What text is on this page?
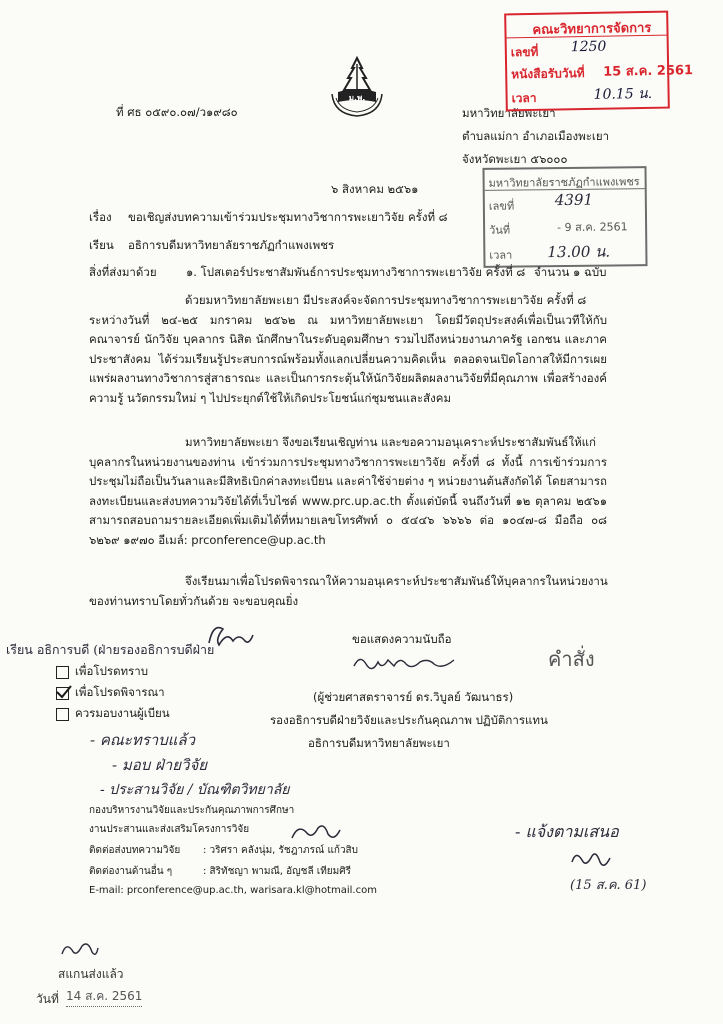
ม.พ.
ที่ ศธ ๐๕๙๐.๐๗/ว๑๙๘๐	มหาวิทยาลัยพะเยา
ตำบลแม่กา อำเภอเมืองพะเยา
จังหวัดพะเยา ๕๖๐๐๐
คณะวิทยาการจัดการ
เลขที่ 1250
หนังสือรับวันที่ 15 ส.ค. 2561
เวลา	10.15 น.
มหาวิทยาลัยราชภัฏกำแพงเพชร
เลขที่	4391
วันที่	- 9 ส.ค. 2561
เวลา 13.00 น.
๖ สิงหาคม ๒๕๖๑
เรื่อง ขอเชิญส่งบทความเข้าร่วมประชุมทางวิชาการพะเยาวิจัย ครั้งที่ ๘
เรียน อธิการบดีมหาวิทยาลัยราชภัฏกำแพงเพชร
สิ่งที่ส่งมาด้วย	๑. โปสเตอร์ประชาสัมพันธ์การประชุมทางวิชาการพะเยาวิจัย ครั้งที่ ๘ จำนวน ๑ ฉบับ

ด้วยมหาวิทยาลัยพะเยา มีประสงค์จะจัดการประชุมทางวิชาการพะเยาวิจัย ครั้งที่ ๘

ระหว่างวันที่ ๒๔-๒๕ มกราคม ๒๕๖๒ ณ มหาวิทยาลัยพะเยา โดยมีวัตถุประสงค์เพื่อเป็นเวทีให้กับคณาจารย์ นักวิจัย บุคลากร นิสิต นักศึกษาในระดับอุดมศึกษา รวมไปถึงหน่วยงานภาครัฐ เอกชน และภาคประชาสังคม ได้ร่วมเรียนรู้ประสบการณ์พร้อมทั้งแลกเปลี่ยนความคิดเห็น ตลอดจนเปิดโอกาสให้มีการเผยแพร่ผลงานทางวิชาการสู่สาธารณะ และเป็นการกระตุ้นให้นักวิจัยผลิตผลงานวิจัยที่มีคุณภาพ เพื่อสร้างองค์ความรู้ นวัตกรรมใหม่ ๆ ไปประยุกต์ใช้ให้เกิดประโยชน์แก่ชุมชนและสังคม

มหาวิทยาลัยพะเยา จึงขอเรียนเชิญท่าน และขอความอนุเคราะห์ประชาสัมพันธ์ให้แก่

บุคลากรในหน่วยงานของท่าน เข้าร่วมการประชุมทางวิชาการพะเยาวิจัย ครั้งที่ ๘ ทั้งนี้ การเข้าร่วมการประชุมไม่ถือเป็นวันลาและมีสิทธิเบิกค่าลงทะเบียน และค่าใช้จ่ายต่าง ๆ หน่วยงานต้นสังกัดได้ โดยสามารถลงทะเบียนและส่งบทความวิจัยได้ที่เว็บไซต์ www.prc.up.ac.th ตั้งแต่บัดนี้ จนถึงวันที่ ๑๒ ตุลาคม ๒๕๖๑ สามารถสอบถามรายละเอียดเพิ่มเติมได้ที่หมายเลขโทรศัพท์ ๐ ๕๔๔๖ ๖๖๖๖ ต่อ ๑๐๔๗-๘ มือถือ ๐๘ ๖๒๖๙ ๑๙๗๐ อีเมล์: prconference@up.ac.th

จึงเรียนมาเพื่อโปรดพิจารณาให้ความอนุเคราะห์ประชาสัมพันธ์ให้บุคลากรในหน่วยงาน

ของท่านทราบโดยทั่วกันด้วย จะขอบคุณยิ่ง

ขอแสดงความนับถือ
(ผู้ช่วยศาสตราจารย์ ดร.วิบูลย์ วัฒนาธร)
รองอธิการบดีฝ่ายวิจัยและประกันคุณภาพ ปฏิบัติการแทน
อธิการบดีมหาวิทยาลัยพะเยา
เรียน อธิการบดี (ฝ่ายรองอธิการบดีฝ่าย
เพื่อโปรดทราบ
เพื่อโปรดพิจารณา
ควรมอบงานผู้เบียน
- คณะทราบแล้ว
- มอบ ฝ่ายวิจัย
- ประสานวิจัย / บัณฑิตวิทยาลัย
กองบริหารงานวิจัยและประกันคุณภาพการศึกษา
งานประสานและส่งเสริมโครงการวิจัย
ติดต่อส่งบทความวิจัย : วริศรา คลังนุ่ม, รัชฎาภรณ์ แก้วสิบ
ติดต่องานด้านอื่น ๆ	: สิริทัชญา พามณี, อัญชลี เทียมศิรี
E-mail: prconference@up.ac.th, warisara.kl@hotmail.com
คำสั่ง
- แจ้งตามเสนอ
(15 ส.ค. 61)
สแกนส่งแล้ว
วันที่ 14 ส.ค. 2561
